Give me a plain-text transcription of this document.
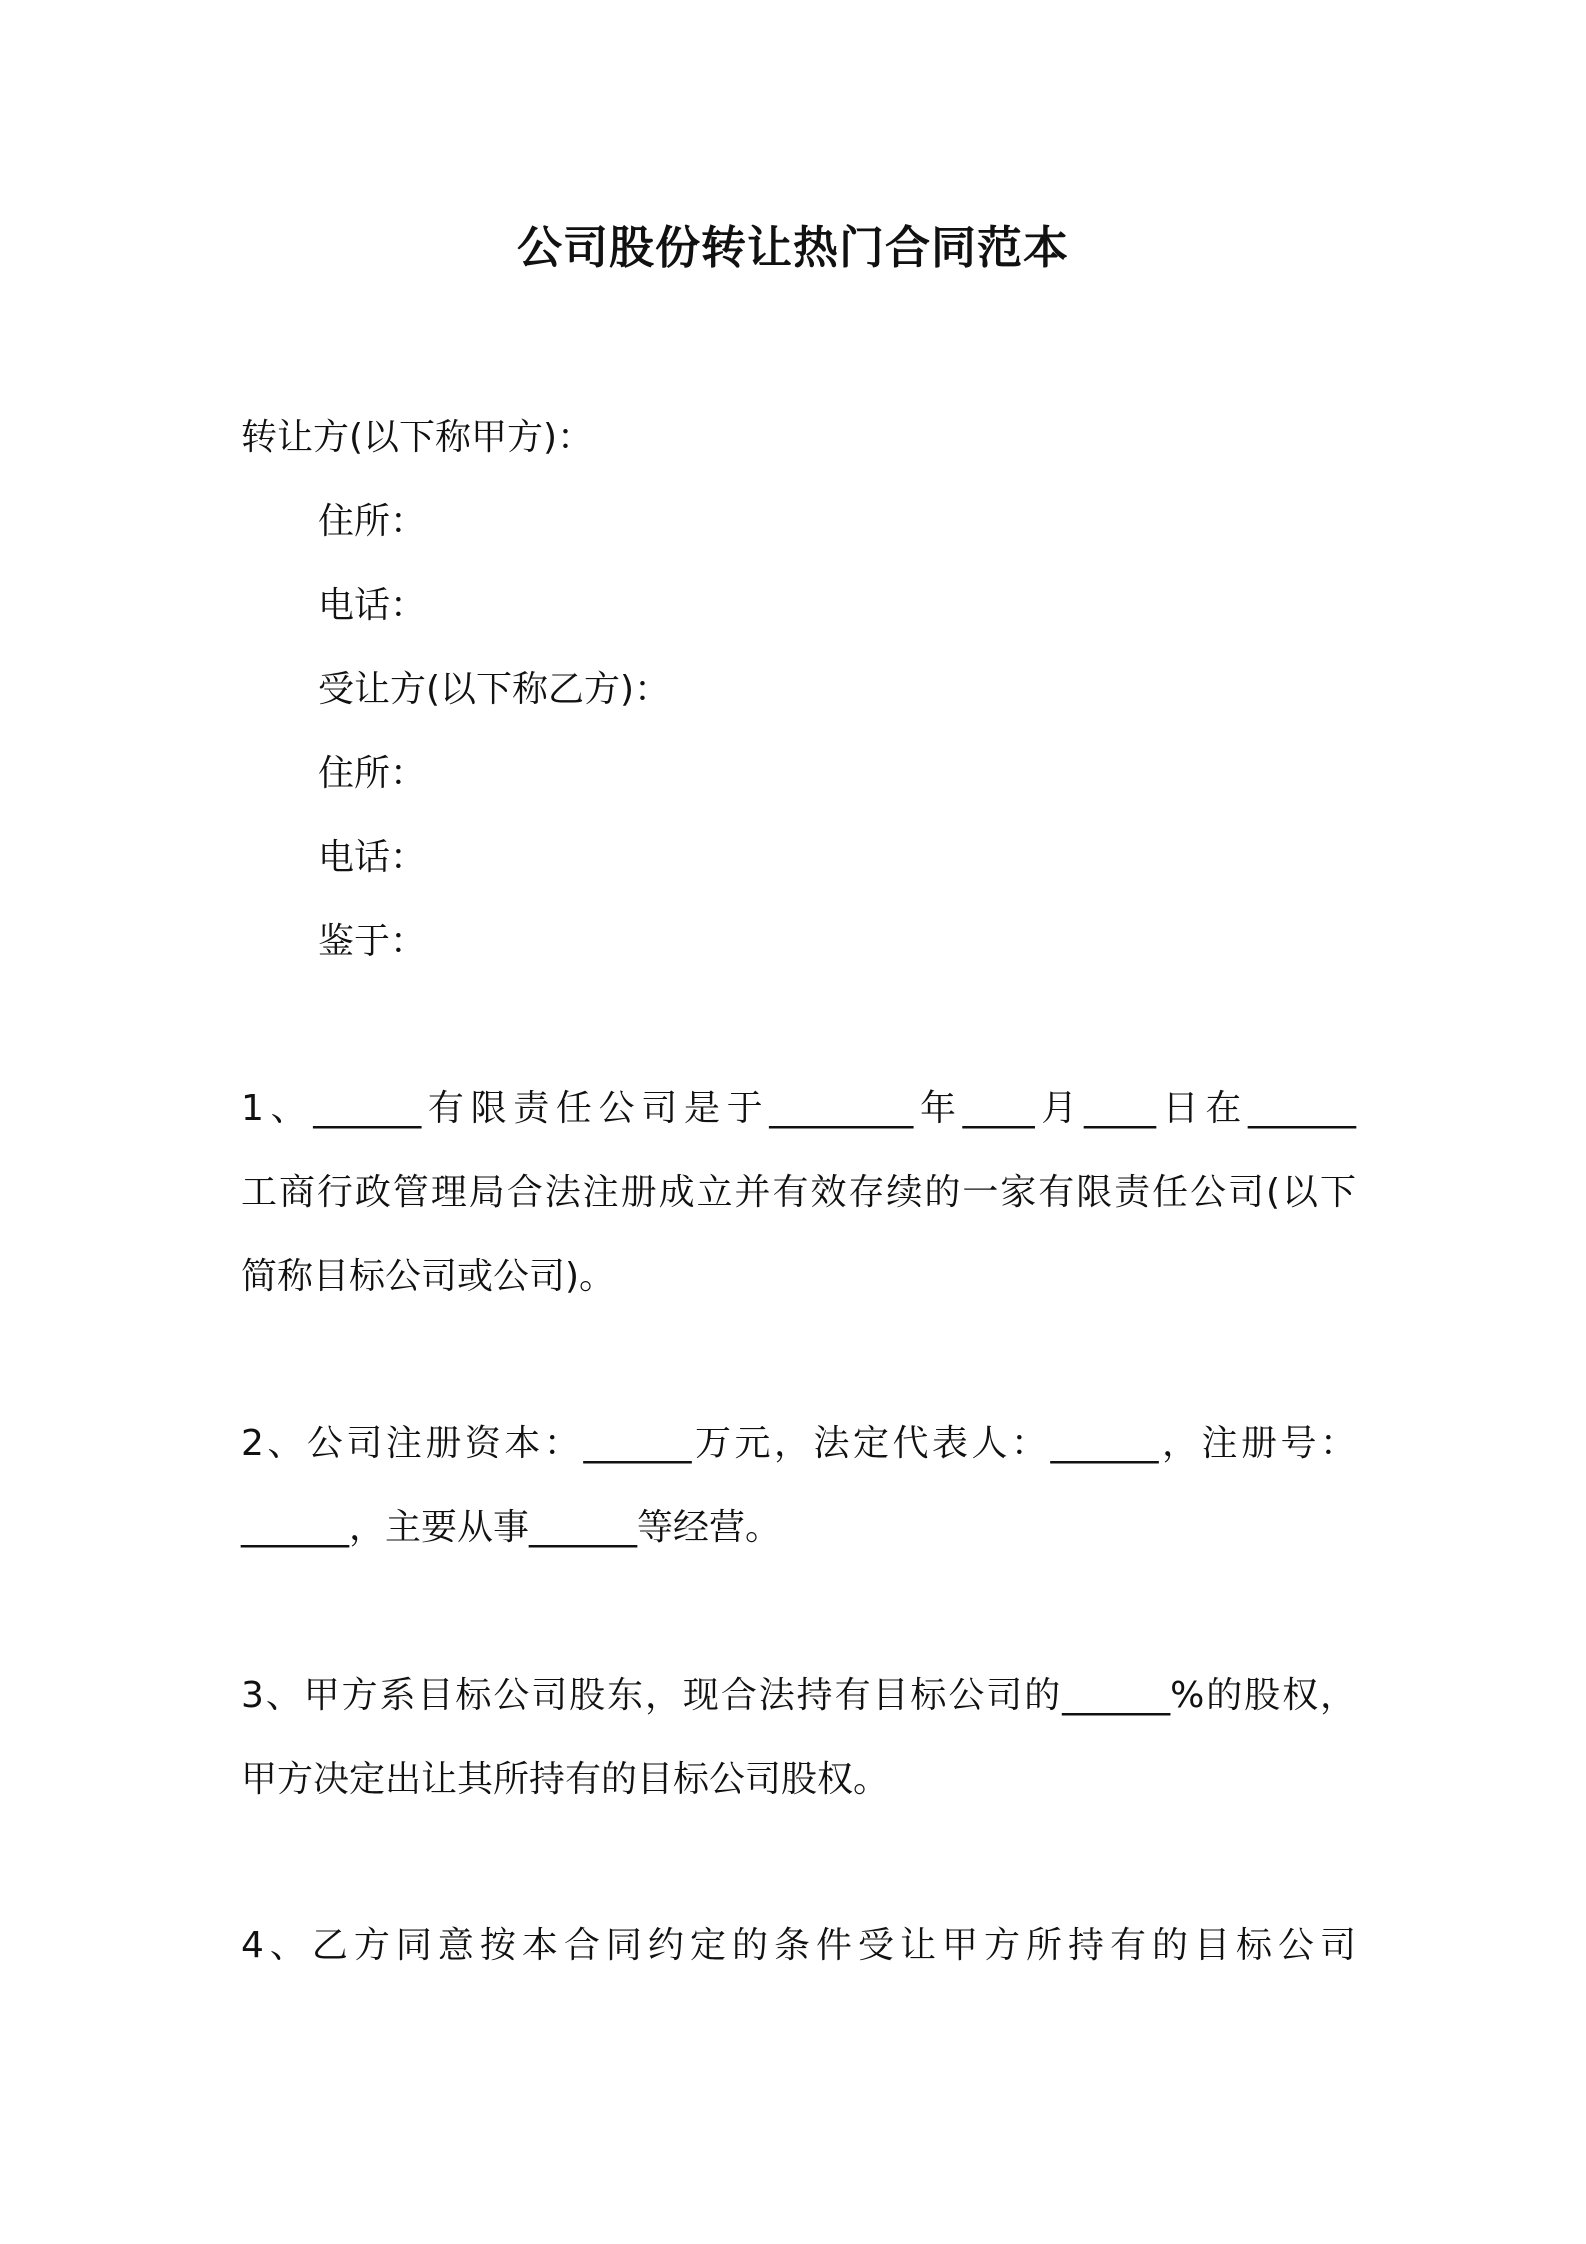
公司股份转让热门合同范本
转让方(以下称甲方)：
住所：
电话：
受让方(以下称乙方)：
住所：
电话：
鉴于：
1、______有限责任公司是于________年____月____日在______
工商行政管理局合法注册成立并有效存续的一家有限责任公司(以下
简称目标公司或公司)。
2、公司注册资本：______万元，法定代表人：______，注册号：
______，主要从事______等经营。
3、甲方系目标公司股东，现合法持有目标公司的______%的股权，
甲方决定出让其所持有的目标公司股权。
4、乙方同意按本合同约定的条件受让甲方所持有的目标公司
